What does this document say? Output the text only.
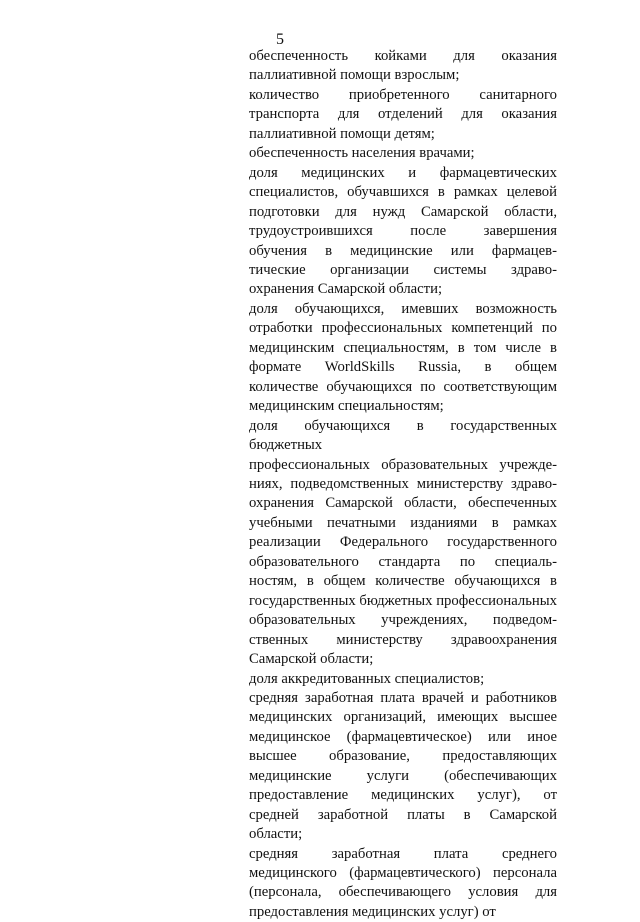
5
обеспеченность койками для оказания
паллиативной помощи взрослым;
количество приобретенного санитарного
транспорта для отделений для оказания
паллиативной помощи детям;
обеспеченность населения врачами;
доля медицинских и фармацевтических
специалистов, обучавшихся в рамках целевой
подготовки для нужд Самарской области,
трудоустроившихся после завершения
обучения в медицинские или фармацев-
тические организации системы здраво-
охранения Самарской области;
доля обучающихся, имевших возможность
отработки профессиональных компетенций по
медицинским специальностям, в том числе в
формате WorldSkills Russia, в общем
количестве обучающихся по соответствующим
медицинским специальностям;
доля обучающихся в государственных бюджетных
профессиональных образовательных учрежде-
ниях, подведомственных министерству здраво-
охранения Самарской области, обеспеченных
учебными печатными изданиями в рамках
реализации Федерального государственного
образовательного стандарта по специаль-
ностям, в общем количестве обучающихся в
государственных бюджетных профессиональных
образовательных учреждениях, подведом-
ственных министерству здравоохранения
Самарской области;
доля аккредитованных специалистов;
средняя заработная плата врачей и работников
медицинских организаций, имеющих высшее
медицинское (фармацевтическое) или иное
высшее образование, предоставляющих
медицинские услуги (обеспечивающих
предоставление медицинских услуг), от
средней заработной платы в Самарской
области;
средняя заработная плата среднего
медицинского (фармацевтического) персонала
(персонала, обеспечивающего условия для
предоставления медицинских услуг) от
